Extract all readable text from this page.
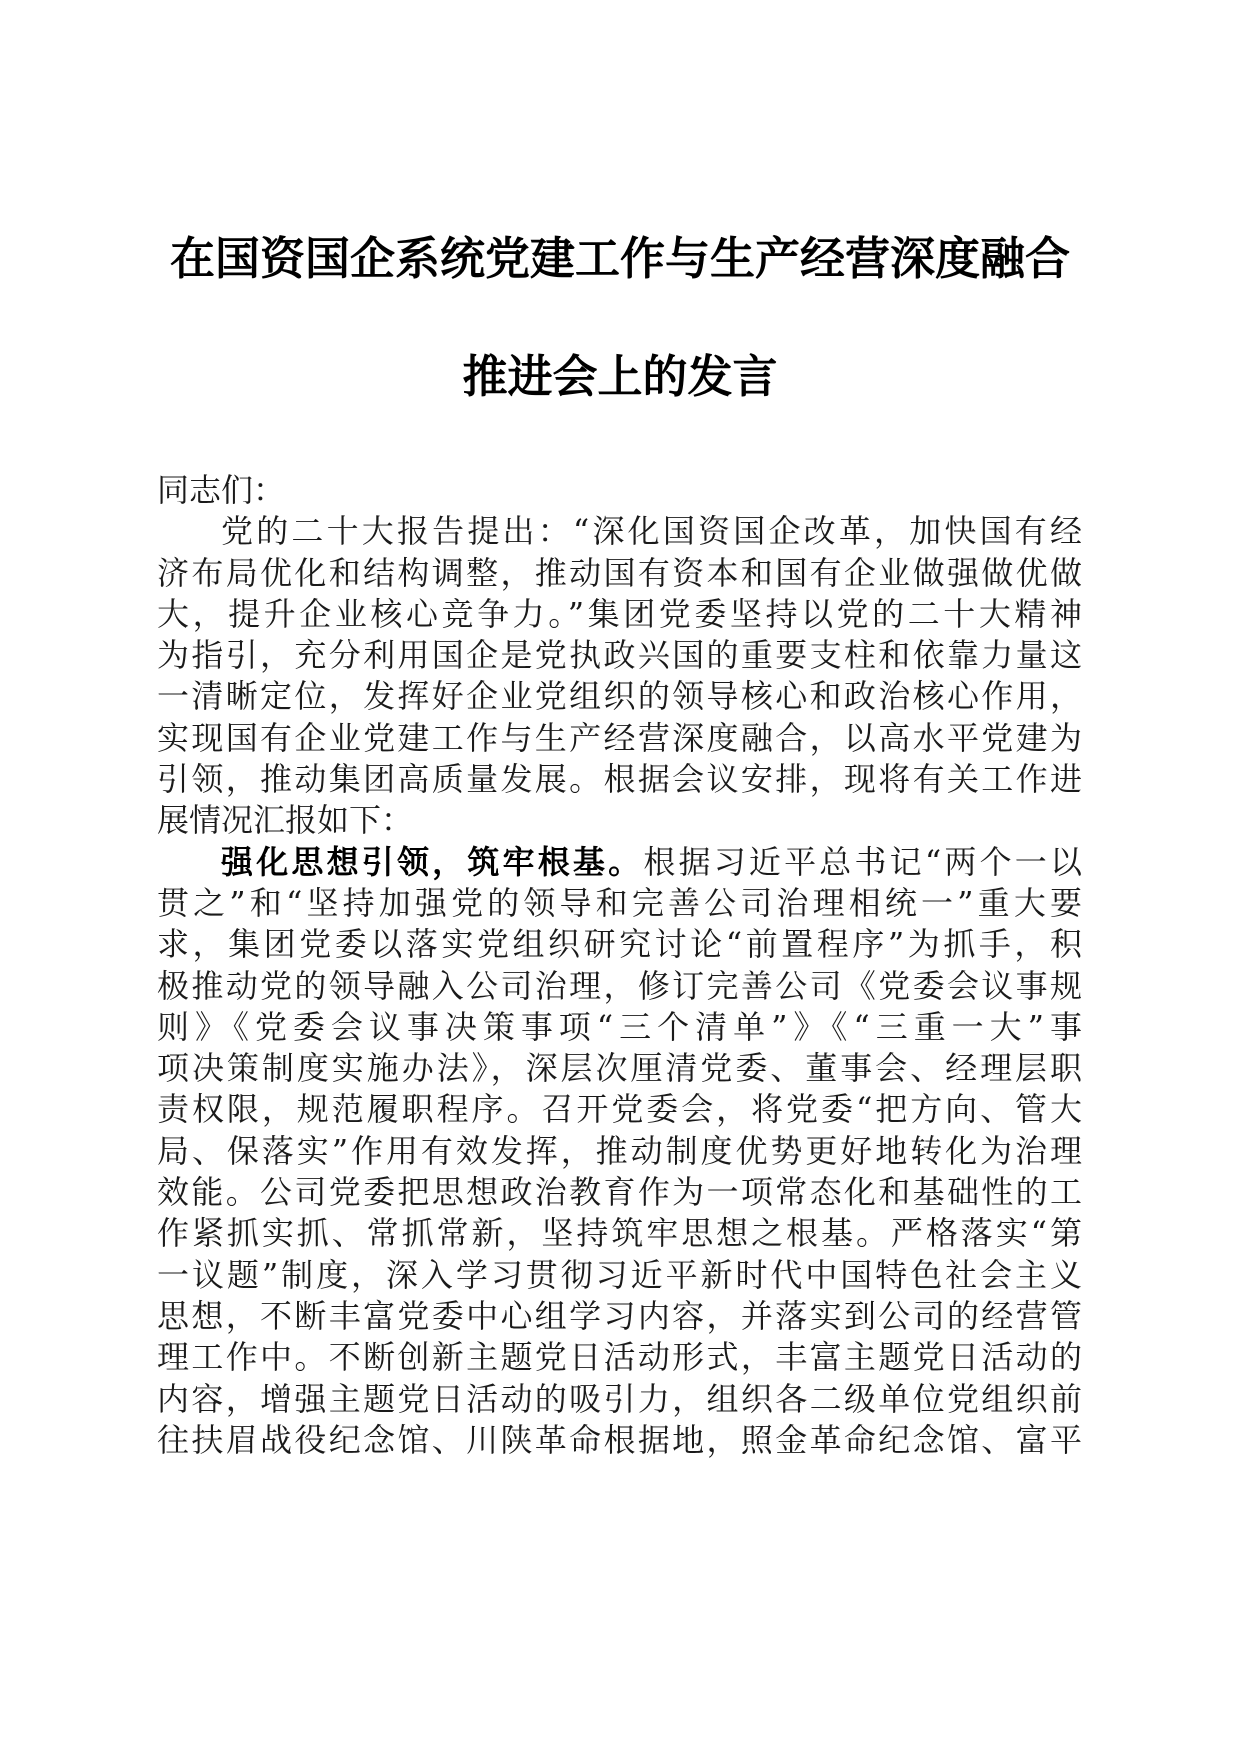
在国资国企系统党建工作与生产经营深度融合
推进会上的发言
同志们：
党的二十大报告提出：“深化国资国企改革，加快国有经
济布局优化和结构调整，推动国有资本和国有企业做强做优做
大，提升企业核心竞争力。”集团党委坚持以党的二十大精神
为指引，充分利用国企是党执政兴国的重要支柱和依靠力量这
一清晰定位，发挥好企业党组织的领导核心和政治核心作用，
实现国有企业党建工作与生产经营深度融合，以高水平党建为
引领，推动集团高质量发展。根据会议安排，现将有关工作进
展情况汇报如下：
强化思想引领，筑牢根基。根据习近平总书记“两个一以
贯之”和“坚持加强党的领导和完善公司治理相统一”重大要
求，集团党委以落实党组织研究讨论“前置程序”为抓手，积
极推动党的领导融入公司治理，修订完善公司《党委会议事规
则》《党委会议事决策事项“三个清单”》《“三重一大”事
项决策制度实施办法》，深层次厘清党委、董事会、经理层职
责权限，规范履职程序。召开党委会，将党委“把方向、管大
局、保落实”作用有效发挥，推动制度优势更好地转化为治理
效能。公司党委把思想政治教育作为一项常态化和基础性的工
作紧抓实抓、常抓常新，坚持筑牢思想之根基。严格落实“第
一议题”制度，深入学习贯彻习近平新时代中国特色社会主义
思想，不断丰富党委中心组学习内容，并落实到公司的经营管
理工作中。不断创新主题党日活动形式，丰富主题党日活动的
内容，增强主题党日活动的吸引力，组织各二级单位党组织前
往扶眉战役纪念馆、川陕革命根据地，照金革命纪念馆、富平
